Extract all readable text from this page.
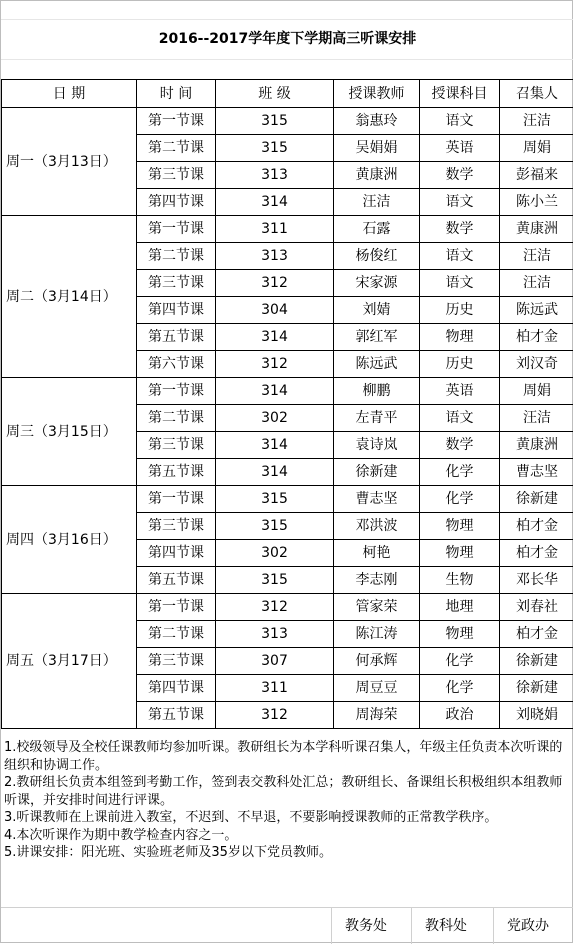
2016--2017学年度下学期高三听课安排
日 期	时 间	班 级	授课教师	授课科目	召集人
周一（3月13日）	第一节课	315	翁惠玲	语文	汪洁
	第二节课	315	吴娟娟	英语	周娟
	第三节课	313	黄康洲	数学	彭福来
	第四节课	314	汪洁	语文	陈小兰
周二（3月14日）	第一节课	311	石露	数学	黄康洲
	第二节课	313	杨俊红	语文	汪洁
	第三节课	312	宋家源	语文	汪洁
	第四节课	304	刘婧	历史	陈远武
	第五节课	314	郭红军	物理	柏才金
	第六节课	312	陈远武	历史	刘汉奇
周三（3月15日）	第一节课	314	柳鹏	英语	周娟
	第二节课	302	左青平	语文	汪洁
	第三节课	314	袁诗岚	数学	黄康洲
	第五节课	314	徐新建	化学	曹志坚
周四（3月16日）	第一节课	315	曹志坚	化学	徐新建
	第三节课	315	邓洪波	物理	柏才金
	第四节课	302	柯艳	物理	柏才金
	第五节课	315	李志刚	生物	邓长华
周五（3月17日）	第一节课	312	管家荣	地理	刘春社
	第二节课	313	陈江涛	物理	柏才金
	第三节课	307	何承辉	化学	徐新建
	第四节课	311	周豆豆	化学	徐新建
	第五节课	312	周海荣	政治	刘晓娟
1.校级领导及全校任课教师均参加听课。教研组长为本学科听课召集人，年级主任负责本次听课的组织和协调工作。
2.教研组长负责本组签到考勤工作，签到表交教科处汇总；教研组长、备课组长积极组织本组教师听课，并安排时间进行评课。
3.听课教师在上课前进入教室，不迟到、不早退，不要影响授课教师的正常教学秩序。
4.本次听课作为期中教学检查内容之一。
5.讲课安排：阳光班、实验班老师及35岁以下党员教师。
教务处	教科处	党政办
